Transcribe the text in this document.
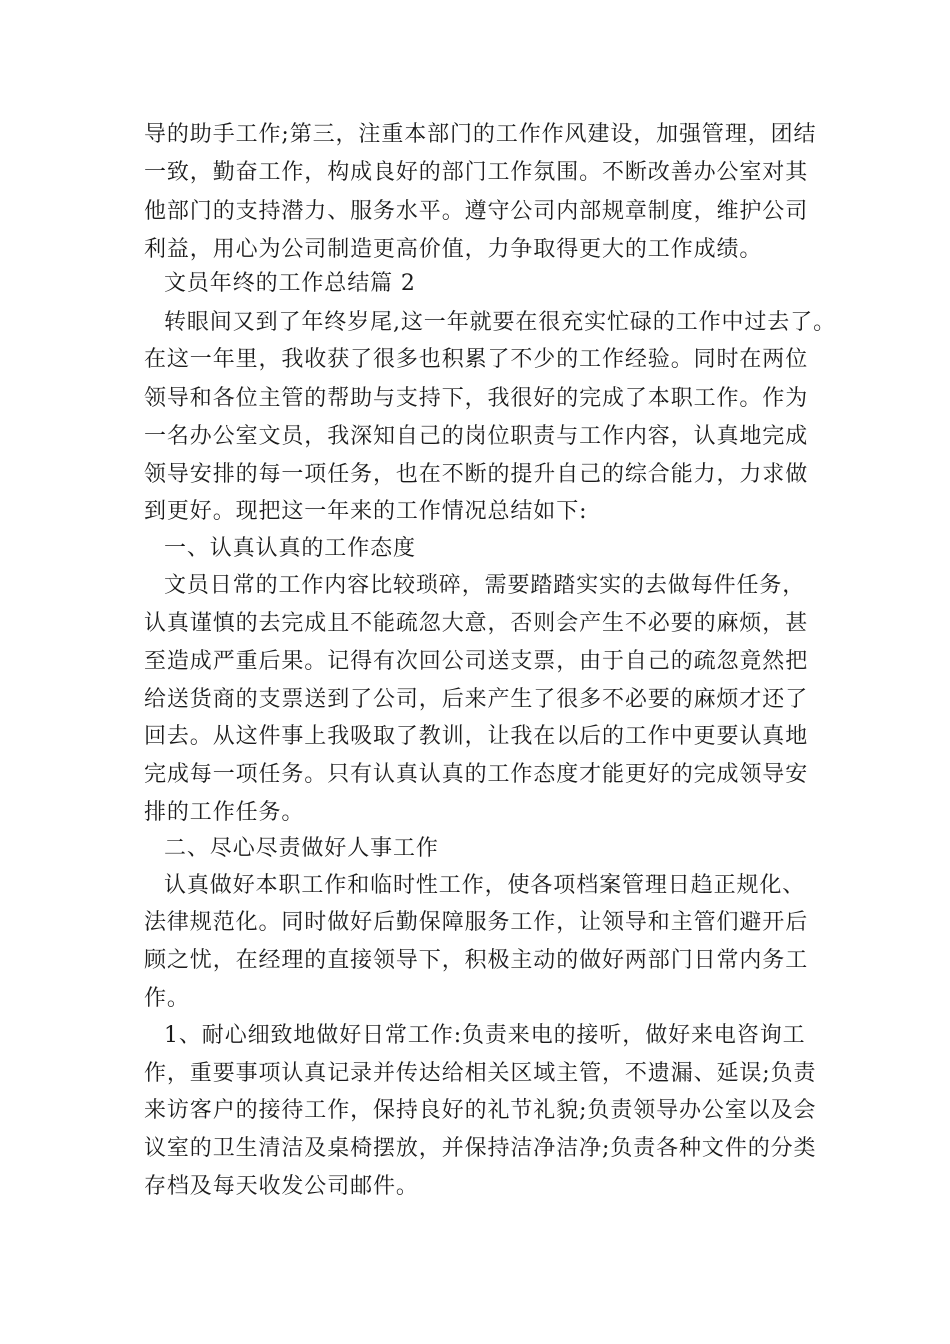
导的助手工作;第三，注重本部门的工作作风建设，加强管理，团结

一致，勤奋工作，构成良好的部门工作氛围。不断改善办公室对其

他部门的支持潜力、服务水平。遵守公司内部规章制度，维护公司

利益，用心为公司制造更高价值，力争取得更大的工作成绩。

文员年终的工作总结篇 2

转眼间又到了年终岁尾,这一年就要在很充实忙碌的工作中过去了。

在这一年里，我收获了很多也积累了不少的工作经验。同时在两位

领导和各位主管的帮助与支持下，我很好的完成了本职工作。作为

一名办公室文员，我深知自己的岗位职责与工作内容，认真地完成

领导安排的每一项任务，也在不断的提升自己的综合能力，力求做

到更好。现把这一年来的工作情况总结如下:

一、认真认真的工作态度

文员日常的工作内容比较琐碎，需要踏踏实实的去做每件任务，

认真谨慎的去完成且不能疏忽大意，否则会产生不必要的麻烦，甚

至造成严重后果。记得有次回公司送支票，由于自己的疏忽竟然把

给送货商的支票送到了公司，后来产生了很多不必要的麻烦才还了

回去。从这件事上我吸取了教训，让我在以后的工作中更要认真地

完成每一项任务。只有认真认真的工作态度才能更好的完成领导安

排的工作任务。

二、尽心尽责做好人事工作

认真做好本职工作和临时性工作，使各项档案管理日趋正规化、

法律规范化。同时做好后勤保障服务工作，让领导和主管们避开后

顾之忧，在经理的直接领导下，积极主动的做好两部门日常内务工

作。

1、耐心细致地做好日常工作:负责来电的接听，做好来电咨询工

作，重要事项认真记录并传达给相关区域主管，不遗漏、延误;负责

来访客户的接待工作，保持良好的礼节礼貌;负责领导办公室以及会

议室的卫生清洁及桌椅摆放，并保持洁净洁净;负责各种文件的分类

存档及每天收发公司邮件。
